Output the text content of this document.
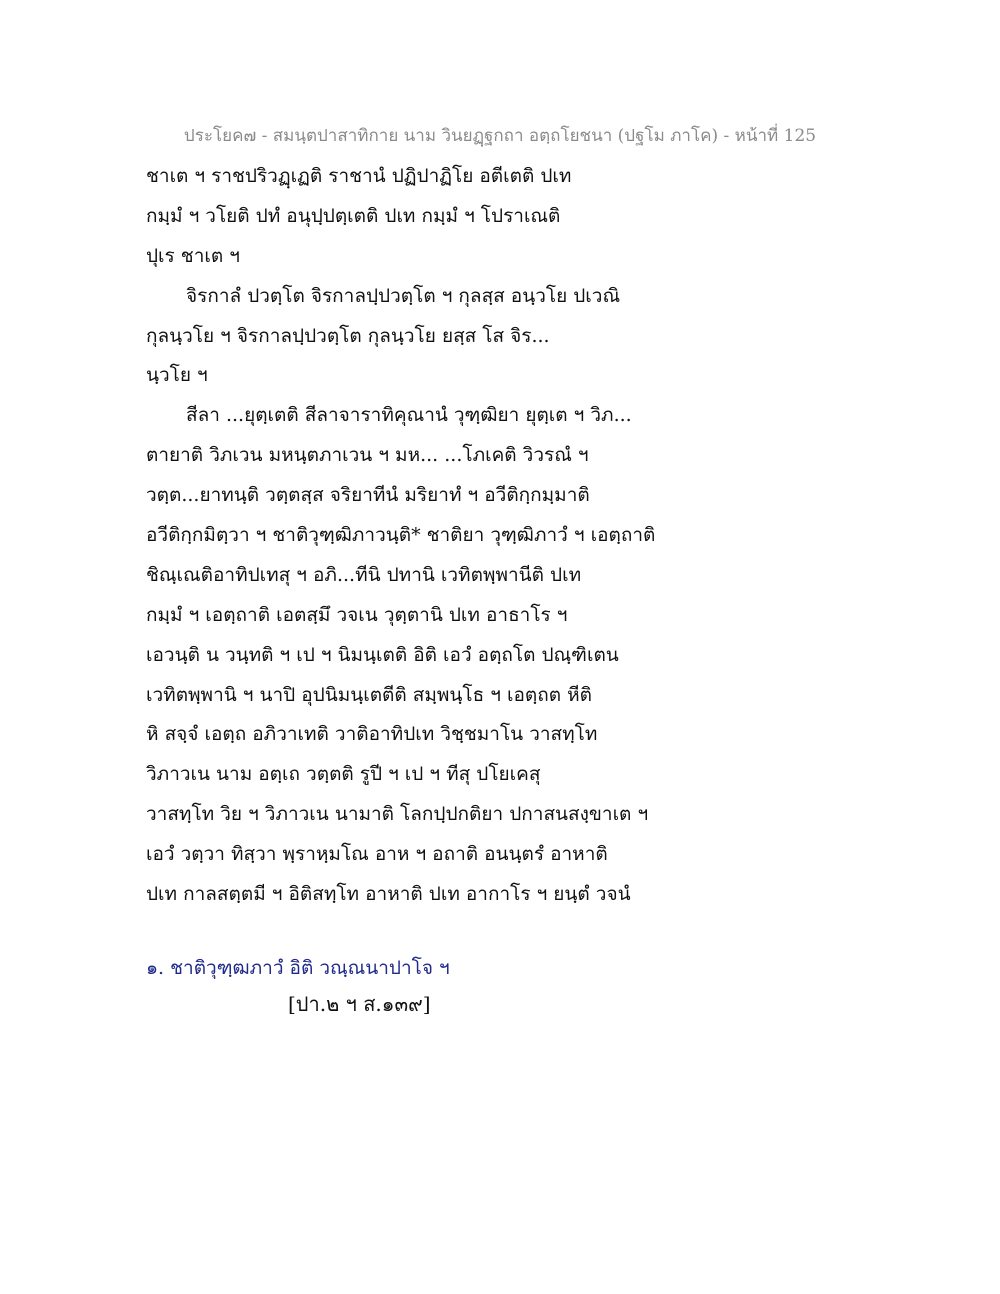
ประโยค๗ - สมนฺตปาสาทิกาย นาม วินยฏฺฐกถา อตฺถโยชนา (ปฐโม ภาโค) - หน้าที่ 125
ชาเต ฯ ราชปริวฏฺเฏติ ราชานํ ปฏิปาฏิโย อตีเตติ ปเท
กมฺมํ ฯ วโยติ ปทํ อนุปฺปตฺเตติ ปเท กมฺมํ ฯ โปราเณติ
ปุเร ชาเต ฯ
จิรกาลํ ปวตฺโต จิรกาลปฺปวตฺโต ฯ กุลสฺส อนฺวโย ปเวณิ
กุลนฺวโย ฯ จิรกาลปฺปวตฺโต กุลนฺวโย ยสฺส โส จิร...
นฺวโย ฯ
สีลา ...ยุตฺเตติ สีลาจาราทิคุณานํ วุฑฺฒิยา ยุตฺเต ฯ วิภ...
ตายาติ วิภเวน มหนฺตภาเวน ฯ มห... ...โภเคติ วิวรณํ ฯ
วตฺต...ยาทนฺติ วตฺตสฺส จริยาทีนํ มริยาทํ ฯ อวีติกฺกมฺมาติ
อวีติกฺกมิตฺวา ฯ ชาติวุฑฺฒิภาวนฺติ* ชาติยา วุฑฺฒิภาวํ ฯ เอตฺถาติ
ชิณฺเณติอาทิปเทสุ ฯ อภิ...ทีนิ ปทานิ เวทิตพฺพานีติ ปเท
กมฺมํ ฯ เอตฺถาติ เอตสฺมึ วจเน วุตฺตานิ ปเท อาธาโร ฯ
เอวนฺติ น วนฺทติ ฯ เป ฯ นิมนฺเตติ อิติ เอวํ อตฺถโต ปณฺฑิเตน
เวทิตพฺพานิ ฯ นาปิ อุปนิมนฺเตตีติ สมฺพนฺโธ ฯ เอตฺถต หีติ
หิ สจฺจํ เอตฺถ อภิวาเทติ วาติอาทิปเท วิชฺชมาโน วาสทฺโท
วิภาวเน นาม อตฺเถ วตฺตติ รูปี ฯ เป ฯ ทีสุ ปโยเคสุ
วาสทฺโท วิย ฯ วิภาวเน นามาติ โลกปฺปกติยา ปกาสนสงฺขาเต ฯ
เอวํ วตฺวา ทิสฺวา พฺราหฺมโณ อาห ฯ อถาติ อนนฺตรํ อาหาติ
ปเท กาลสตฺตมี ฯ อิติสทฺโท อาหาติ ปเท อากาโร ฯ ยนฺตํ วจนํ
๑. ชาติวุฑฺฒภาวํ อิติ วณฺณนาปาโจ ฯ
[ปา.๒ ฯ ส.๑๓๙]
